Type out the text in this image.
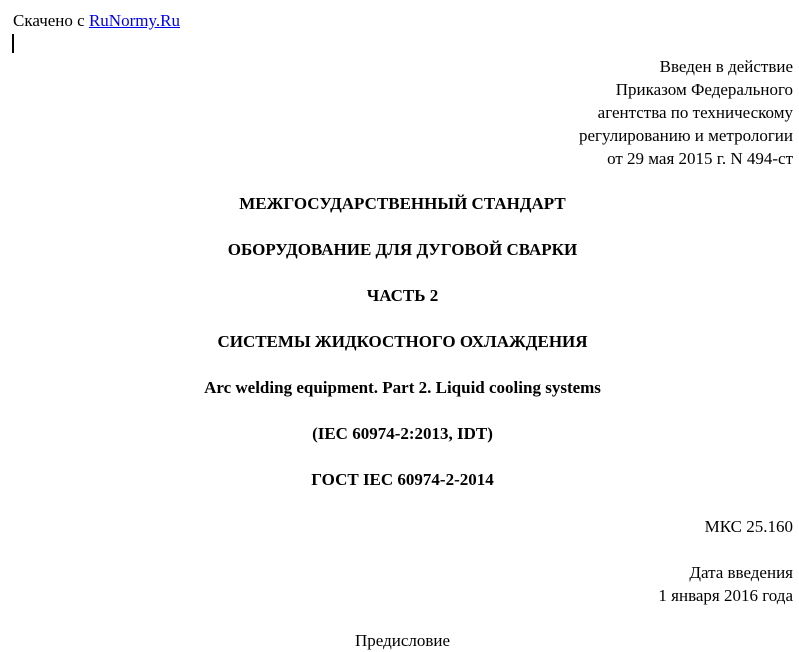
Скачено с RuNormy.Ru
Введен в действие
Приказом Федерального
агентства по техническому
регулированию и метрологии
от 29 мая 2015 г. N 494-ст
МЕЖГОСУДАРСТВЕННЫЙ СТАНДАРТ
ОБОРУДОВАНИЕ ДЛЯ ДУГОВОЙ СВАРКИ
ЧАСТЬ 2
СИСТЕМЫ ЖИДКОСТНОГО ОХЛАЖДЕНИЯ
Arc welding equipment. Part 2. Liquid cooling systems
(IEC 60974-2:2013, IDT)
ГОСТ IEC 60974-2-2014
МКС 25.160
Дата введения
1 января 2016 года
Предисловие
